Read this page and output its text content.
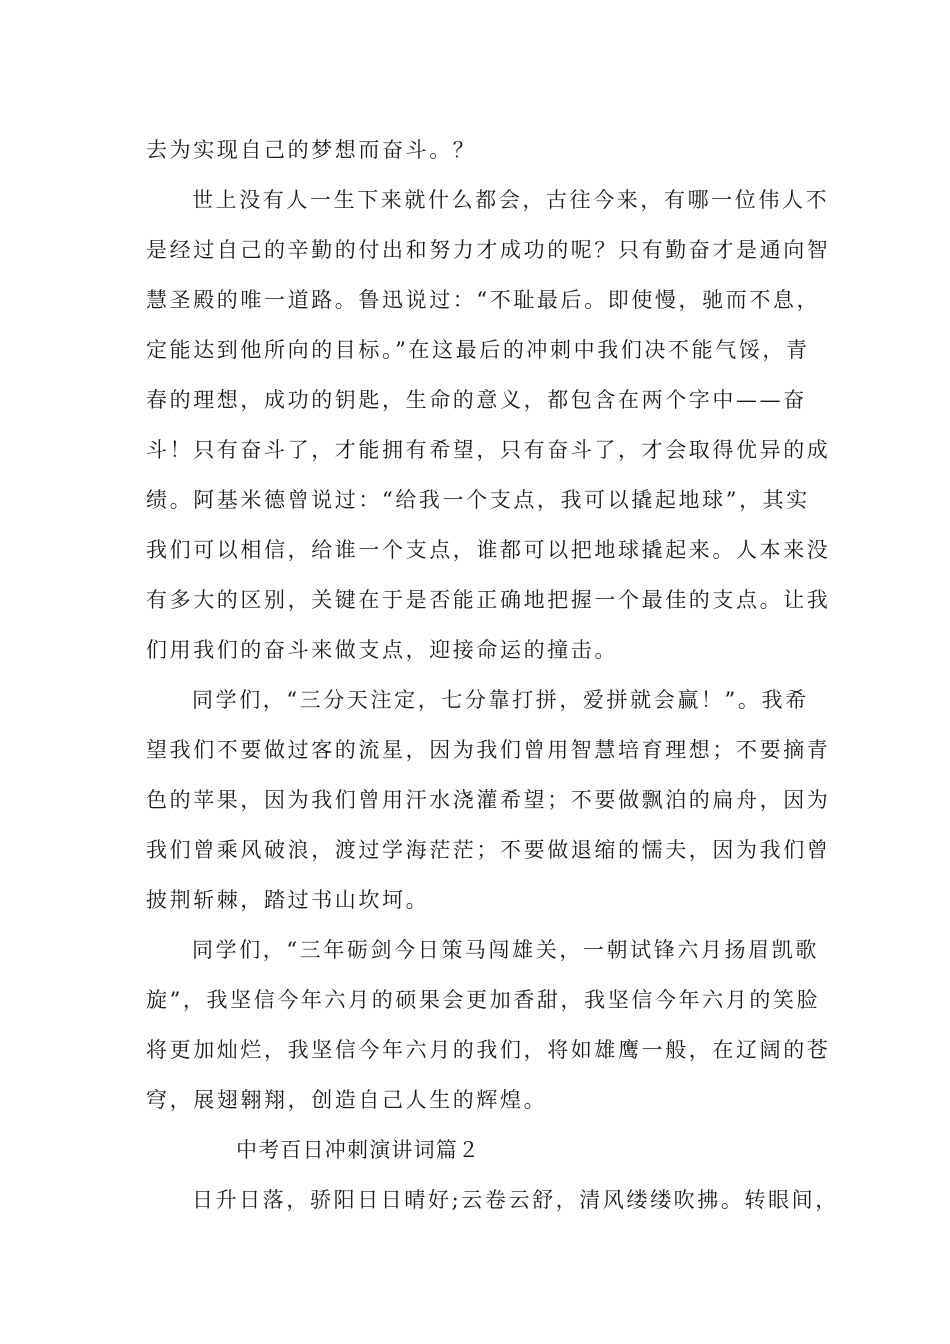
去为实现自己的梦想而奋斗。？
世上没有人一生下来就什么都会，古往今来，有哪一位伟人不
是经过自己的辛勤的付出和努力才成功的呢？只有勤奋才是通向智
慧圣殿的唯一道路。鲁迅说过：“不耻最后。即使慢，驰而不息，
定能达到他所向的目标。”在这最后的冲刺中我们决不能气馁，青
春的理想，成功的钥匙，生命的意义，都包含在两个字中——奋
斗！只有奋斗了，才能拥有希望，只有奋斗了，才会取得优异的成
绩。阿基米德曾说过：“给我一个支点，我可以撬起地球”，其实
我们可以相信，给谁一个支点，谁都可以把地球撬起来。人本来没
有多大的区别，关键在于是否能正确地把握一个最佳的支点。让我
们用我们的奋斗来做支点，迎接命运的撞击。
同学们，“三分天注定，七分靠打拼，爱拼就会赢！”。我希
望我们不要做过客的流星，因为我们曾用智慧培育理想；不要摘青
色的苹果，因为我们曾用汗水浇灌希望；不要做飘泊的扁舟，因为
我们曾乘风破浪，渡过学海茫茫；不要做退缩的懦夫，因为我们曾
披荆斩棘，踏过书山坎坷。
同学们，“三年砺剑今日策马闯雄关，一朝试锋六月扬眉凯歌
旋”，我坚信今年六月的硕果会更加香甜，我坚信今年六月的笑脸
将更加灿烂，我坚信今年六月的我们，将如雄鹰一般，在辽阔的苍
穹，展翅翱翔，创造自己人生的辉煌。
中考百日冲刺演讲词篇２
日升日落，骄阳日日晴好;云卷云舒，清风缕缕吹拂。转眼间，
